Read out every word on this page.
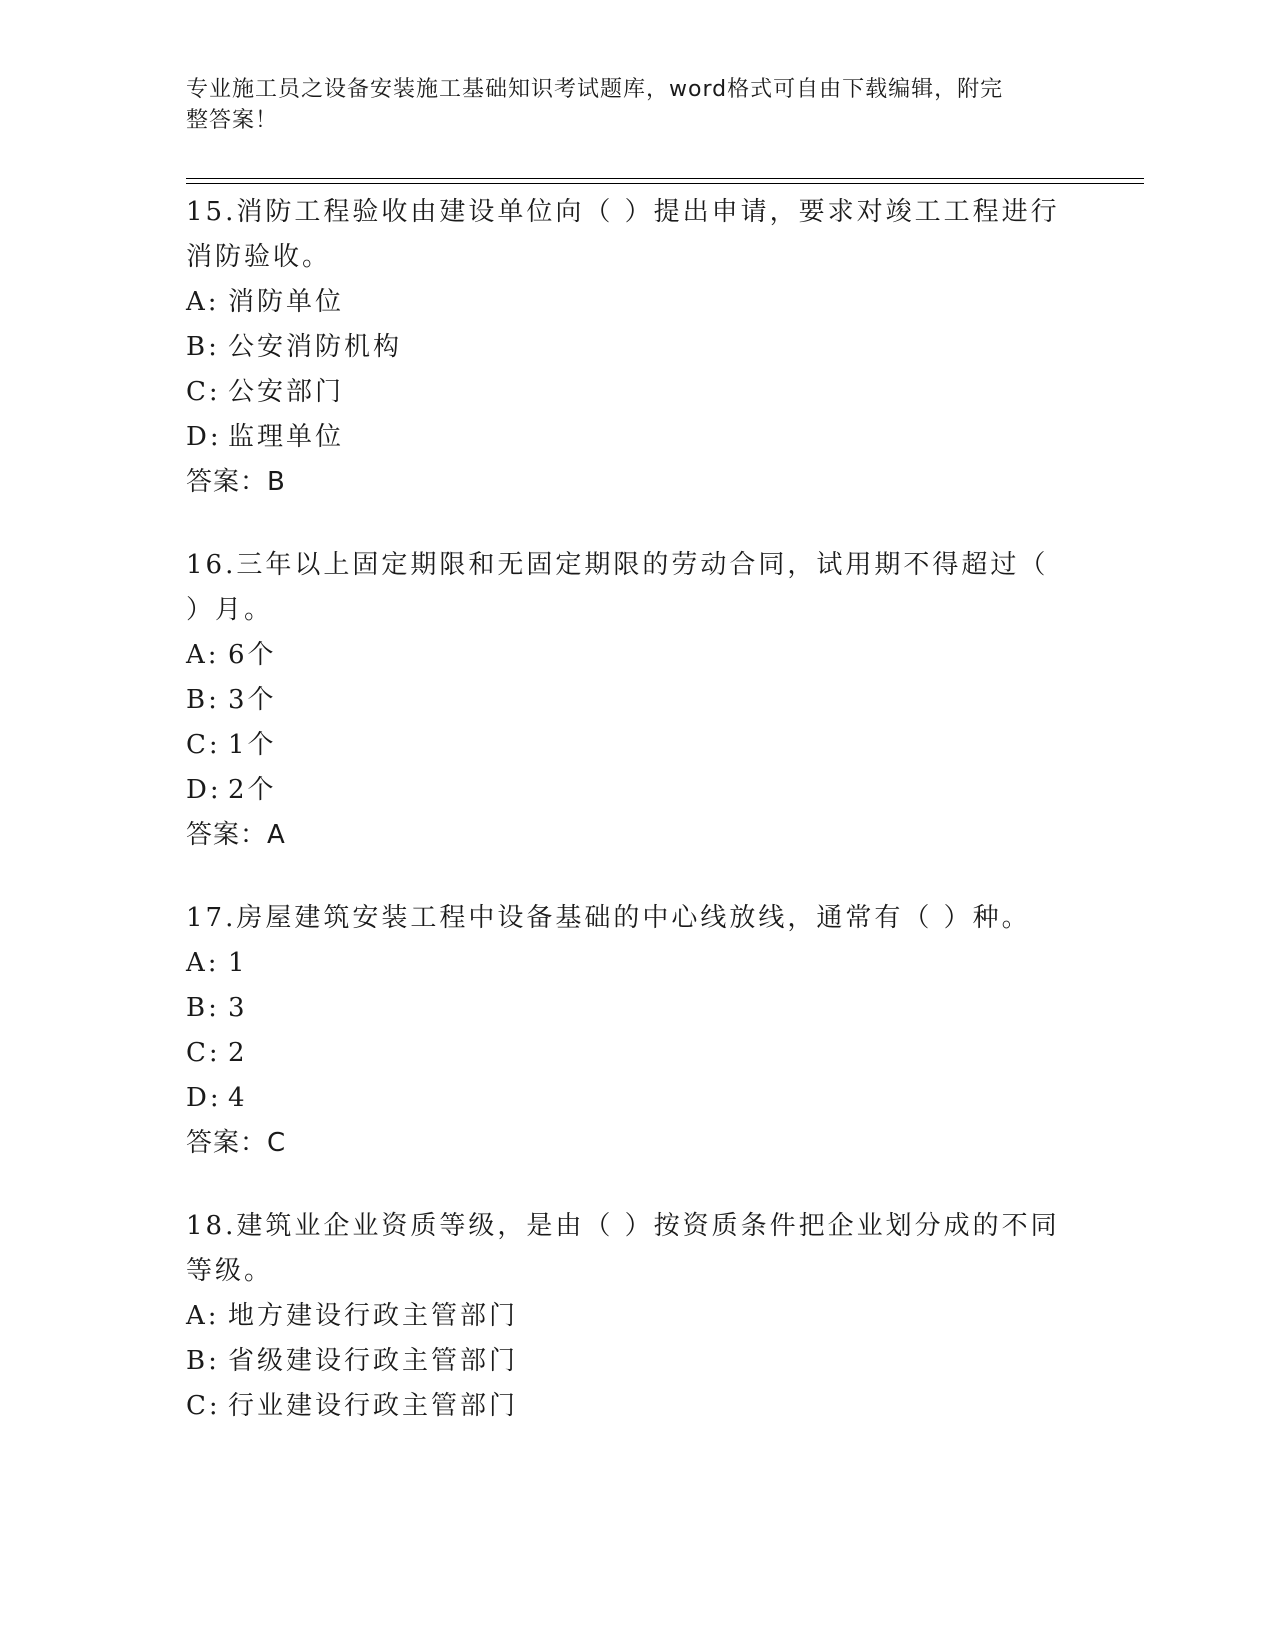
专业施工员之设备安装施工基础知识考试题库，word格式可自由下载编辑，附完
整答案！
15.消防工程验收由建设单位向（ ）提出申请，要求对竣工工程进行
消防验收。
A: 消防单位
B: 公安消防机构
C: 公安部门
D: 监理单位
答案：B
16.三年以上固定期限和无固定期限的劳动合同，试用期不得超过（
）月。
A: 6个
B: 3个
C: 1个
D: 2个
答案：A
17.房屋建筑安装工程中设备基础的中心线放线，通常有（ ）种。
A: 1
B: 3
C: 2
D: 4
答案：C
18.建筑业企业资质等级，是由（ ）按资质条件把企业划分成的不同
等级。
A: 地方建设行政主管部门
B: 省级建设行政主管部门
C: 行业建设行政主管部门
